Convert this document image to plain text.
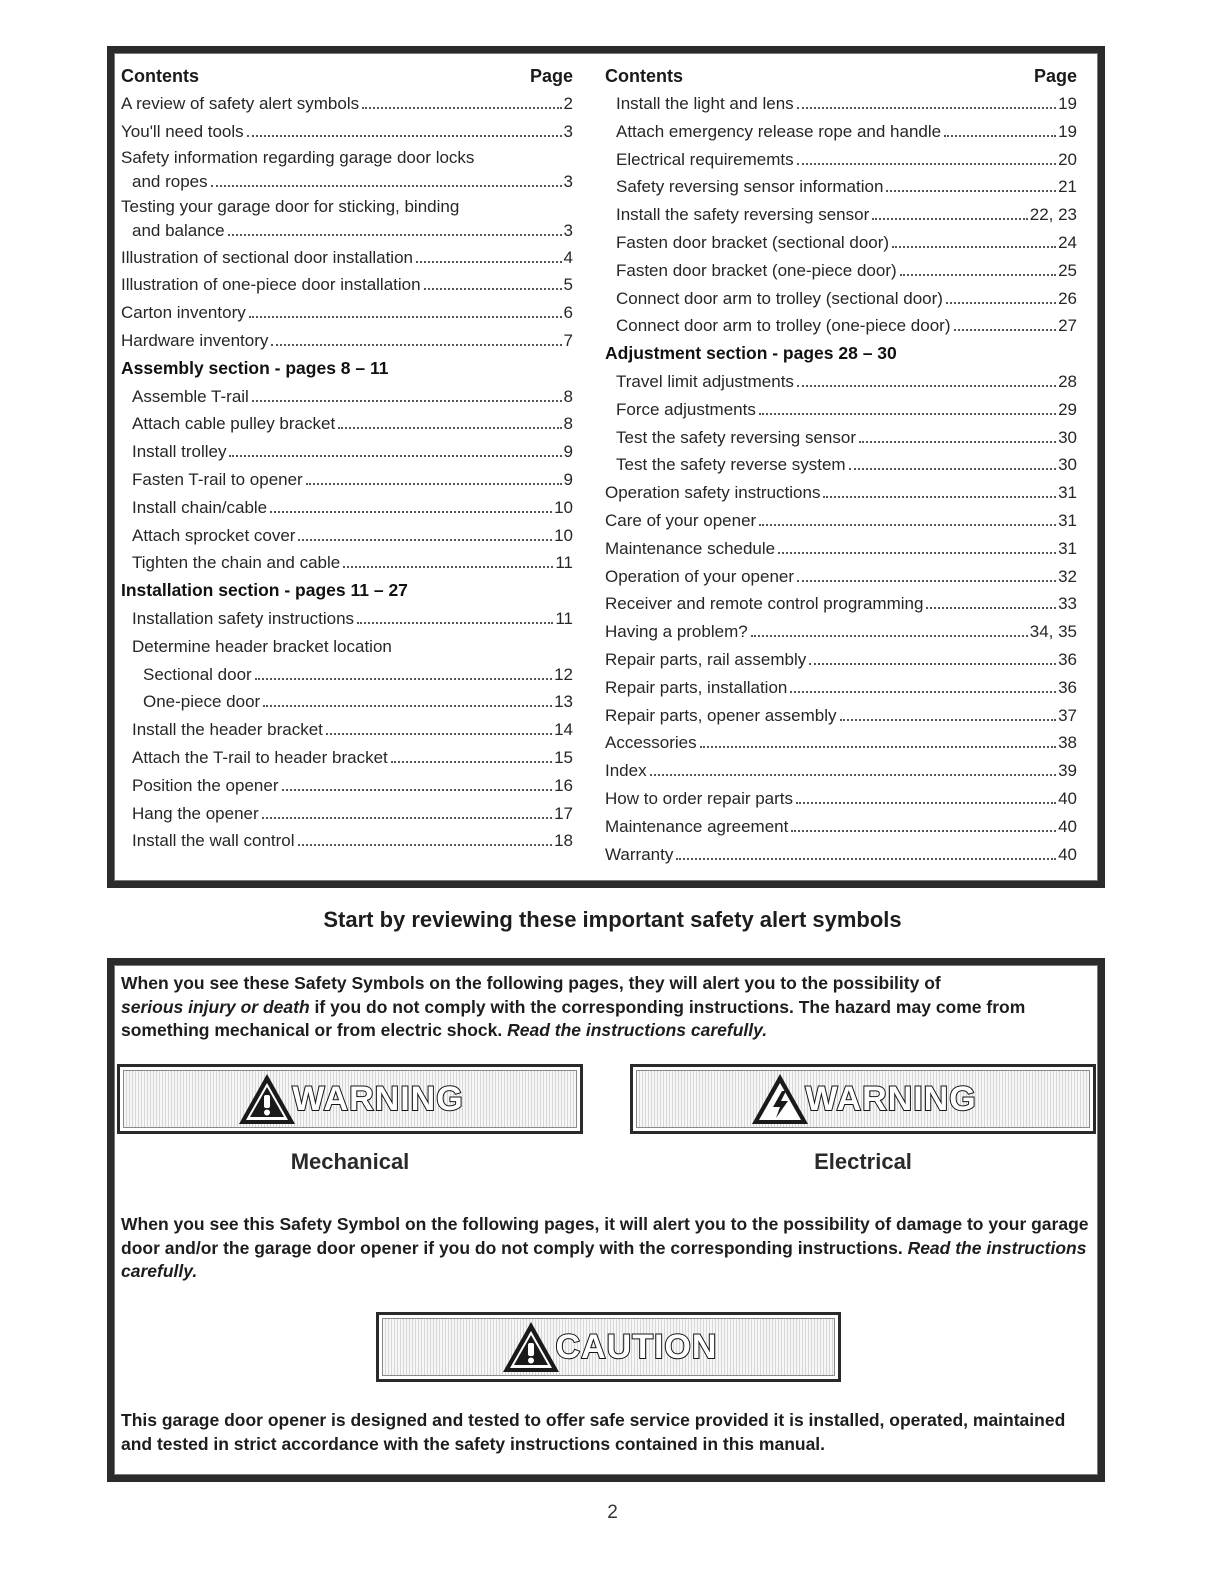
Contents	Page
A review of safety alert symbols	2
You'll need tools	3
Safety information regarding garage door locks
and ropes	3
Testing your garage door for sticking, binding
and balance	3
Illustration of sectional door installation	4
Illustration of one-piece door installation	5
Carton inventory	6
Hardware inventory	7
Assembly section - pages 8 – 11
Assemble T-rail	8
Attach cable pulley bracket	8
Install trolley	9
Fasten T-rail to opener	9
Install chain/cable	10
Attach sprocket cover	10
Tighten the chain and cable	11
Installation section - pages 11 – 27
Installation safety instructions	11
Determine header bracket location
Sectional door	12
One-piece door	13
Install the header bracket	14
Attach the T-rail to header bracket	15
Position the opener	16
Hang the opener	17
Install the wall control	18
Contents	Page
Install the light and lens	19
Attach emergency release rope and handle	19
Electrical requirememts	20
Safety reversing sensor information	21
Install the safety reversing sensor	22, 23
Fasten door bracket (sectional door)	24
Fasten door bracket (one-piece door)	25
Connect door arm to trolley (sectional door)	26
Connect door arm to trolley (one-piece door)	27
Adjustment section - pages 28 – 30
Travel limit adjustments	28
Force adjustments	29
Test the safety reversing sensor	30
Test the safety reverse system	30
Operation safety instructions	31
Care of your opener	31
Maintenance schedule	31
Operation of your opener	32
Receiver and remote control programming	33
Having a problem?	34, 35
Repair parts, rail assembly	36
Repair parts, installation	36
Repair parts, opener assembly	37
Accessories	38
Index	39
How to order repair parts	40
Maintenance agreement	40
Warranty	40
Start by reviewing these important safety alert symbols
When you see these Safety Symbols on the following pages, they will alert you to the possibility of
serious injury or death if you do not comply with the corresponding instructions. The hazard may come from something mechanical or from electric shock. Read the instructions carefully.
WARNING	WARNING
Mechanical	Electrical
When you see this Safety Symbol on the following pages, it will alert you to the possibility of damage to your garage door and/or the garage door opener if you do not comply with the corresponding instructions. Read the instructions carefully.
CAUTION
This garage door opener is designed and tested to offer safe service provided it is installed, operated, maintained and tested in strict accordance with the safety instructions contained in this manual.
2
